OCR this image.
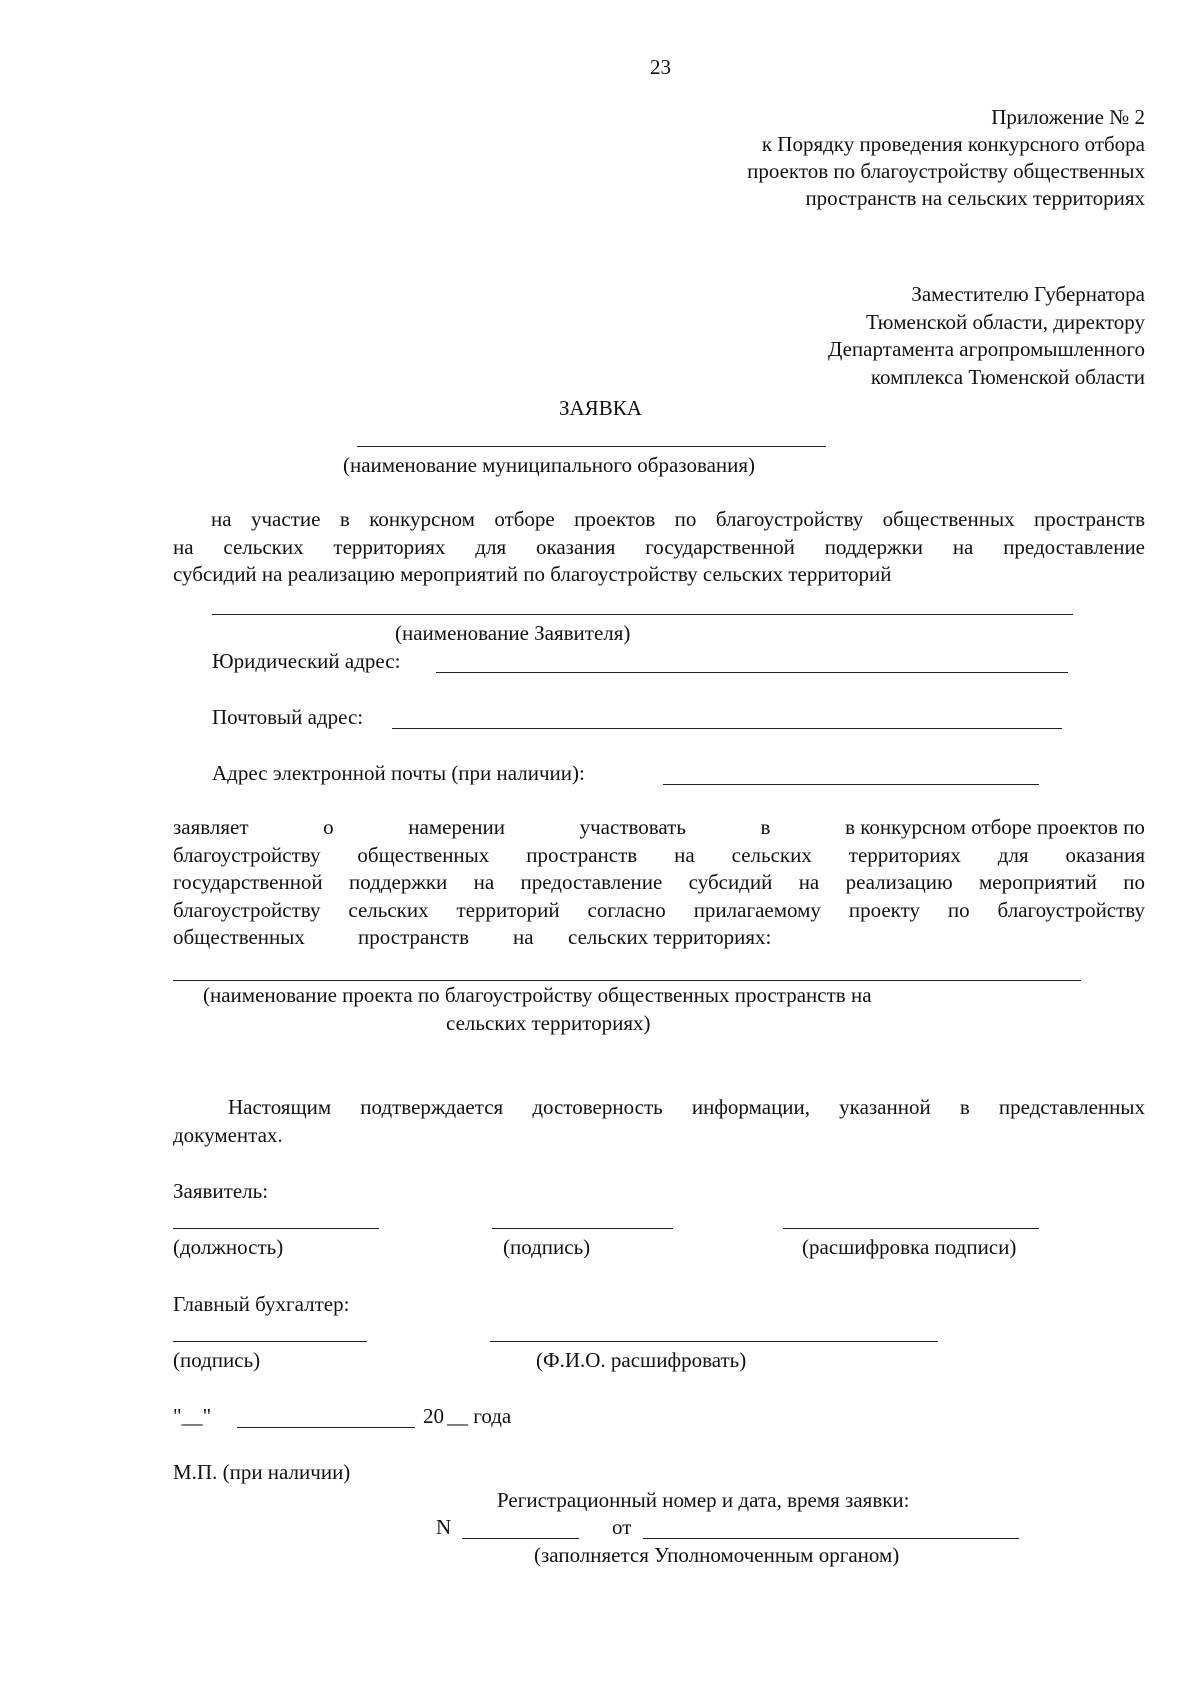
23
Приложение № 2
к Порядку проведения конкурсного отбора
проектов по благоустройству общественных
пространств на сельских территориях
Заместителю Губернатора
Тюменской области, директору
Департамента агропромышленного
комплекса Тюменской области
ЗАЯВКА
(наименование муниципального образования)
на участие в конкурсном отборе проектов по благоустройству общественных пространств
на сельских территориях для оказания государственной поддержки на предоставление
субсидий на реализацию мероприятий по благоустройству сельских территорий
(наименование Заявителя)
Юридический адрес:
Почтовый адрес:
Адрес электронной почты (при наличии):
заявляет	о	намерении	участвовать	в	в конкурсном отборе проектов по
благоустройству общественных пространств на сельских территориях для оказания
государственной поддержки на предоставление субсидий на реализацию мероприятий по
благоустройству сельских территорий согласно прилагаемому проекту по благоустройству
общественных	пространств на сельских территориях:
(наименование проекта по благоустройству общественных пространств на
сельских территориях)
Настоящим подтверждается достоверность информации, указанной в представленных
документах.
Заявитель:
(должность)	(подпись)	(расшифровка подписи)
Главный бухгалтер:
(подпись)	(Ф.И.О. расшифровать)
"__"	20 __ года
М.П. (при наличии)
Регистрационный номер и дата, время заявки:
N	от
(заполняется Уполномоченным органом)
